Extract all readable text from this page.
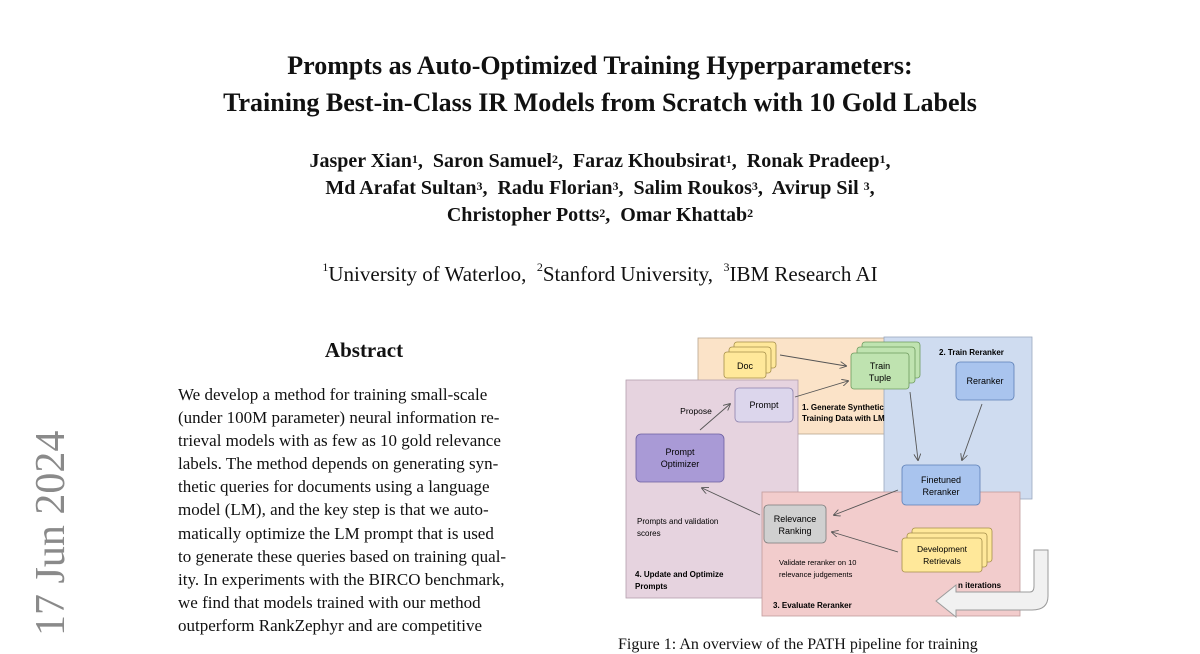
Prompts as Auto-Optimized Training Hyperparameters:
Training Best-in-Class IR Models from Scratch with 10 Gold Labels
Jasper Xian$^1$,  Saron Samuel$^2$,  Faraz Khoubsirat$^1$,  Ronak Pradeep$^1$,
Md Arafat Sultan$^3$,  Radu Florian$^3$,  Salim Roukos$^3$,  Avirup Sil $^3$,
Christopher Potts$^2$,  Omar Khattab$^2$
$^1$University of Waterloo,  $^2$Stanford University,  $^3$IBM Research AI
17 Jun 2024
Abstract
We develop a method for training small-scale
(under 100M parameter) neural information re-
trieval models with as few as 10 gold relevance
labels. The method depends on generating syn-
thetic queries for documents using a language
model (LM), and the key step is that we auto-
matically optimize the LM prompt that is used
to generate these queries based on training qual-
ity. In experiments with the BIRCO benchmark,
we find that models trained with our method
outperform RankZephyr and are competitive
Doc	Train
Tuple
Prompt
Propose	1. Generate Synthetic
Training Data with LM
Prompt
Optimizer
2. Train Reranker
Reranker
Finetuned
Reranker
Relevance
Ranking
Prompts and validation
scores
Development
Retrievals
Validate reranker on 10
relevance judgements
4. Update and Optimize
Prompts	n iterations
3. Evaluate Reranker
Figure 1: An overview of the PATH pipeline for training
